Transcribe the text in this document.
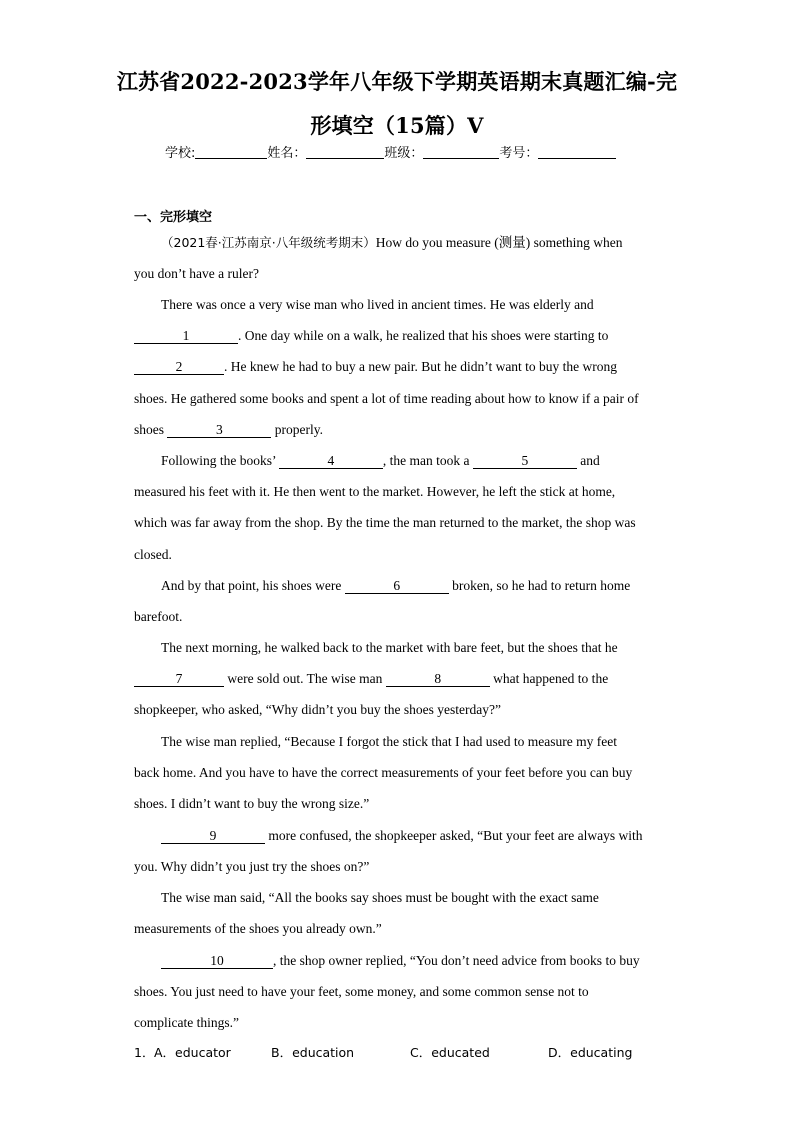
江苏省2022-2023学年八年级下学期英语期末真题汇编-完
形填空（15篇）V
学校:	姓名：	班级：	考号：
一、完形填空
（2021春·江苏南京·八年级统考期末）How do you measure (测量) something when
you don’t have a ruler?
There was once a very wise man who lived in ancient times. He was elderly and
1	. One day while on a walk, he realized that his shoes were starting to
2	. He knew he had to buy a new pair. But he didn’t want to buy the wrong
shoes. He gathered some books and spent a lot of time reading about how to know if a pair of
shoes	3	properly.
Following the books’	4	, the man took a	5	and
measured his feet with it. He then went to the market. However, he left the stick at home,
which was far away from the shop. By the time the man returned to the market, the shop was
closed.
And by that point, his shoes were	6	broken, so he had to return home
barefoot.
The next morning, he walked back to the market with bare feet, but the shoes that he
7	were sold out. The wise man	8	what happened to the
shopkeeper, who asked, “Why didn’t you buy the shoes yesterday?”
The wise man replied, “Because I forgot the stick that I had used to measure my feet
back home. And you have to have the correct measurements of your feet before you can buy
shoes. I didn’t want to buy the wrong size.”
9	more confused, the shopkeeper asked, “But your feet are always with
you. Why didn’t you just try the shoes on?”
The wise man said, “All the books say shoes must be bought with the exact same
measurements of the shoes you already own.”
10	, the shop owner replied, “You don’t need advice from books to buy
shoes. You just need to have your feet, some money, and some common sense not to
complicate things.”
1． A．educator	B．education	C．educated	D．educating
